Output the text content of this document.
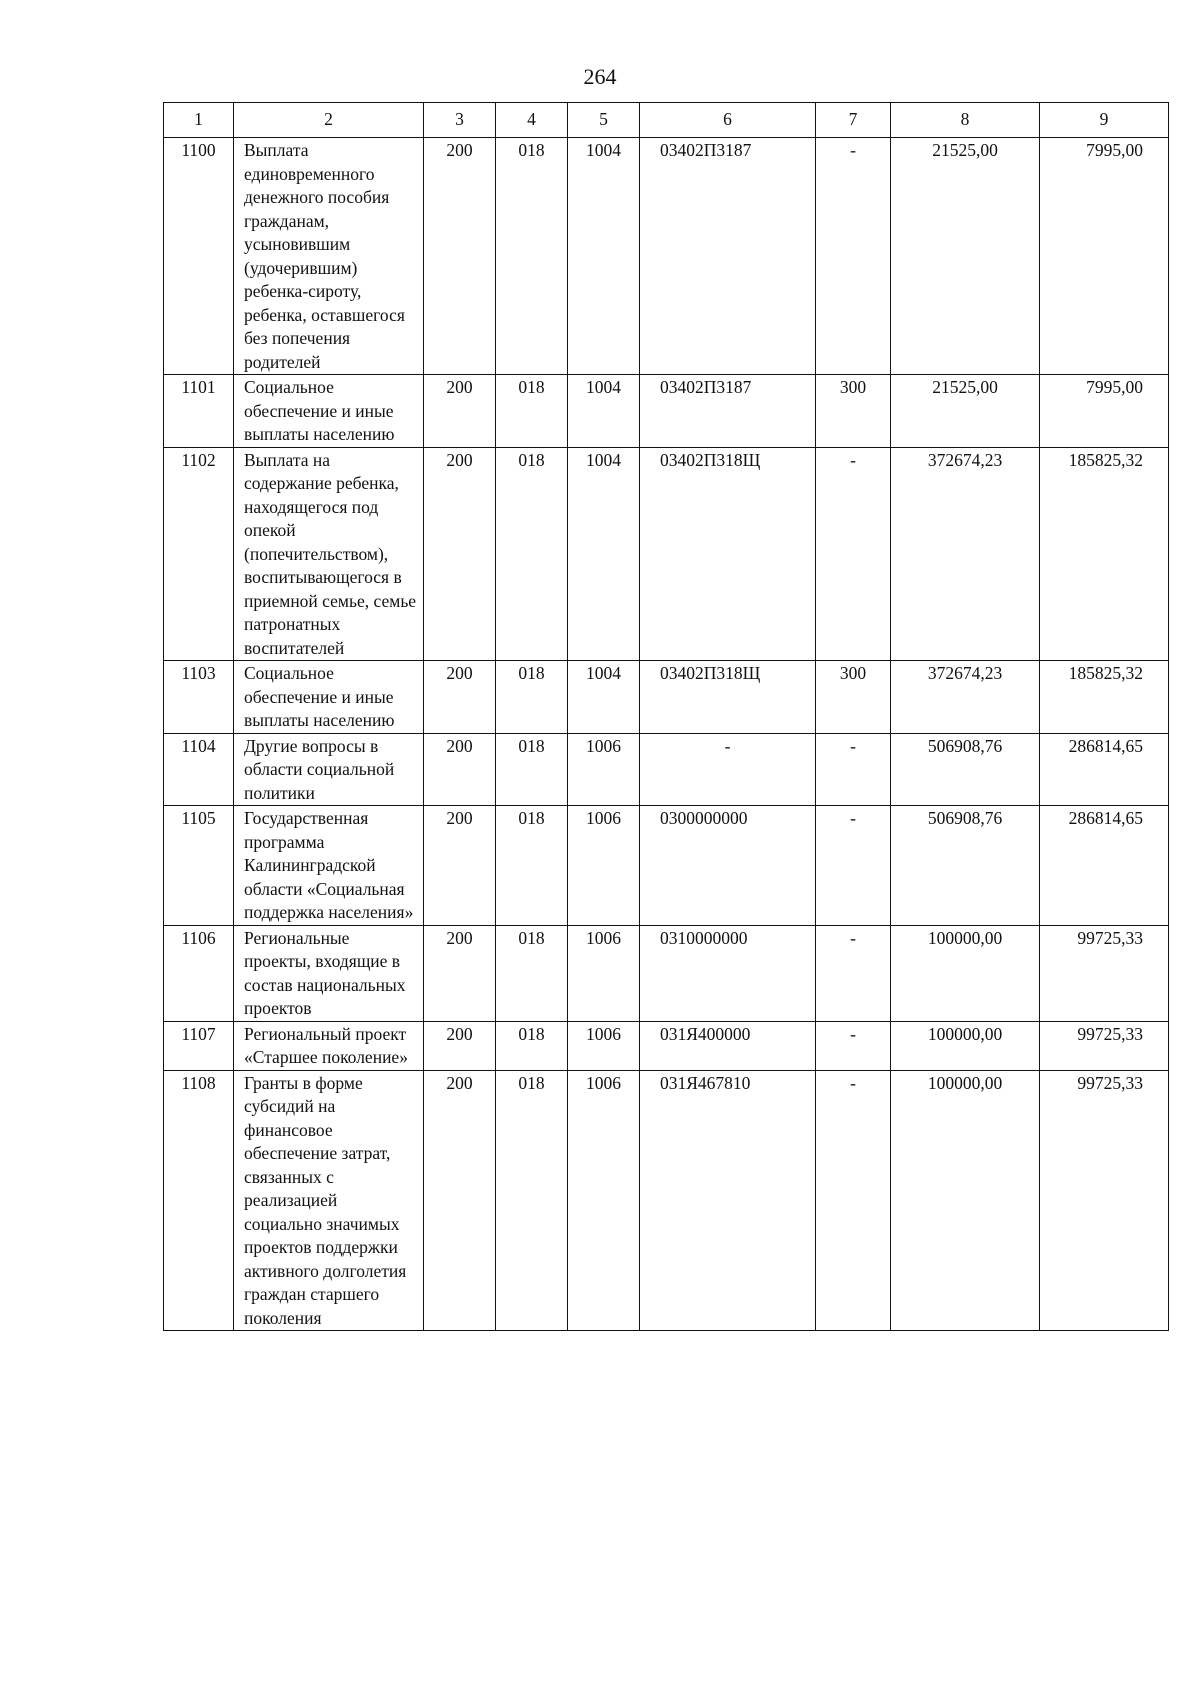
264
1	2	3	4	5	6	7	8	9
1100	Выплата единовременного денежного пособия гражданам, усыновившим (удочерившим) ребенка-сироту, ребенка, оставшегося без попечения родителей	200	018	1004	03402П3187	-	21525,00	7995,00
1101	Социальное обеспечение и иные выплаты населению	200	018	1004	03402П3187	300	21525,00	7995,00
1102	Выплата на содержание ребенка, находящегося под опекой (попечительством), воспитывающегося в приемной семье, семье патронатных воспитателей	200	018	1004	03402П318Щ	-	372674,23	185825,32
1103	Социальное обеспечение и иные выплаты населению	200	018	1004	03402П318Щ	300	372674,23	185825,32
1104	Другие вопросы в области социальной политики	200	018	1006	-	-	506908,76	286814,65
1105	Государственная программа Калининградской области «Социальная поддержка населения»	200	018	1006	0300000000	-	506908,76	286814,65
1106	Региональные проекты, входящие в состав национальных проектов	200	018	1006	0310000000	-	100000,00	99725,33
1107	Региональный проект «Старшее поколение»	200	018	1006	031Я400000	-	100000,00	99725,33
1108	Гранты в форме субсидий на финансовое обеспечение затрат, связанных с реализацией социально значимых проектов поддержки активного долголетия граждан старшего поколения	200	018	1006	031Я467810	-	100000,00	99725,33
